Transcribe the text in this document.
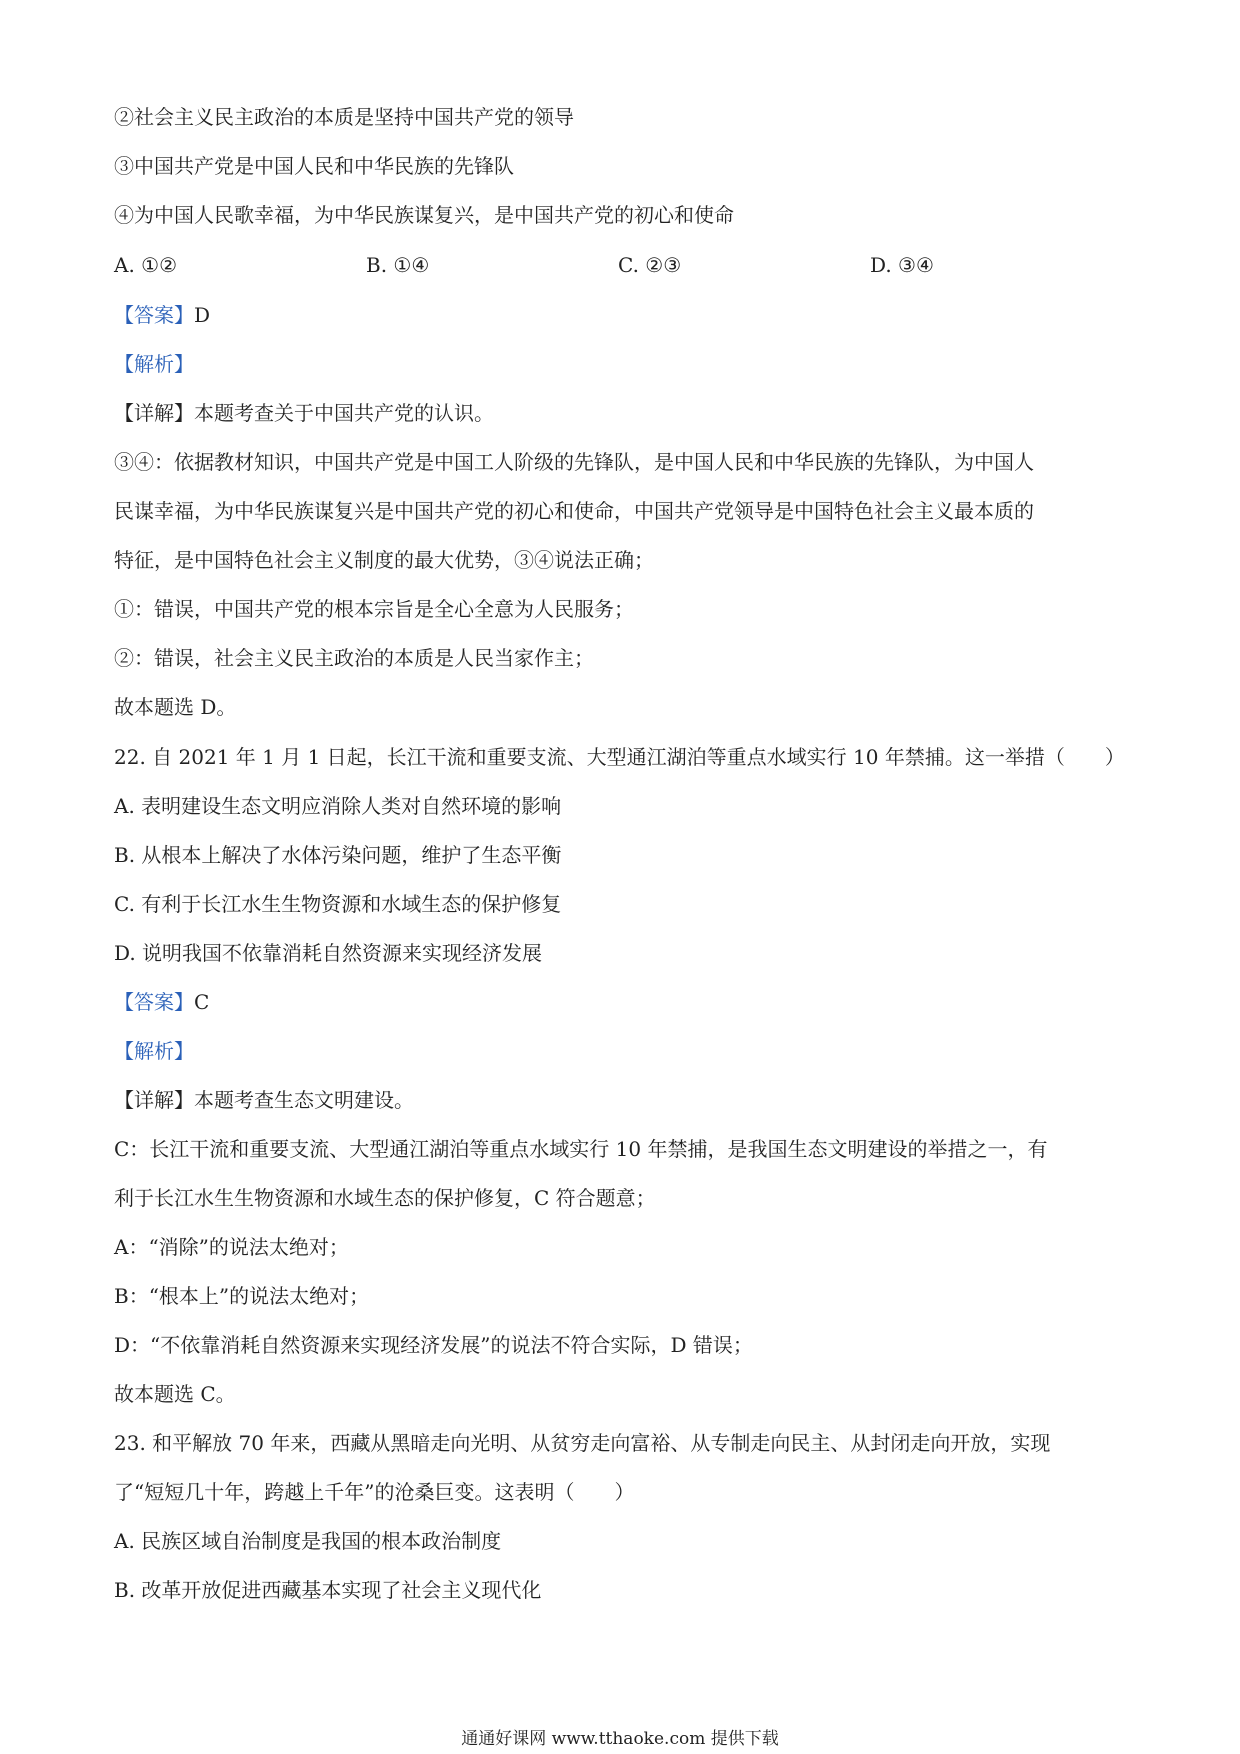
②社会主义民主政治的本质是坚持中国共产党的领导
③中国共产党是中国人民和中华民族的先锋队
④为中国人民歌幸福，为中华民族谋复兴，是中国共产党的初心和使命
A. ①②	B. ①④	C. ②③	D. ③④
【答案】D
【解析】
【详解】本题考查关于中国共产党的认识。
③④：依据教材知识，中国共产党是中国工人阶级的先锋队，是中国人民和中华民族的先锋队，为中国人
民谋幸福，为中华民族谋复兴是中国共产党的初心和使命，中国共产党领导是中国特色社会主义最本质的
特征，是中国特色社会主义制度的最大优势，③④说法正确；
①：错误，中国共产党的根本宗旨是全心全意为人民服务；
②：错误，社会主义民主政治的本质是人民当家作主；
故本题选 D。
22. 自 2021 年 1 月 1 日起，长江干流和重要支流、大型通江湖泊等重点水域实行 10 年禁捕。这一举措（　　）
A. 表明建设生态文明应消除人类对自然环境的影响
B. 从根本上解决了水体污染问题，维护了生态平衡
C. 有利于长江水生生物资源和水域生态的保护修复
D. 说明我国不依靠消耗自然资源来实现经济发展
【答案】C
【解析】
【详解】本题考查生态文明建设。
C：长江干流和重要支流、大型通江湖泊等重点水域实行 10 年禁捕，是我国生态文明建设的举措之一，有
利于长江水生生物资源和水域生态的保护修复，C 符合题意；
A：“消除”的说法太绝对；
B：“根本上”的说法太绝对；
D：“不依靠消耗自然资源来实现经济发展”的说法不符合实际，D 错误；
故本题选 C。
23. 和平解放 70 年来，西藏从黑暗走向光明、从贫穷走向富裕、从专制走向民主、从封闭走向开放，实现
了“短短几十年，跨越上千年”的沧桑巨变。这表明（　　）
A. 民族区域自治制度是我国的根本政治制度
B. 改革开放促进西藏基本实现了社会主义现代化
通通好课网 www.tthaoke.com 提供下载
